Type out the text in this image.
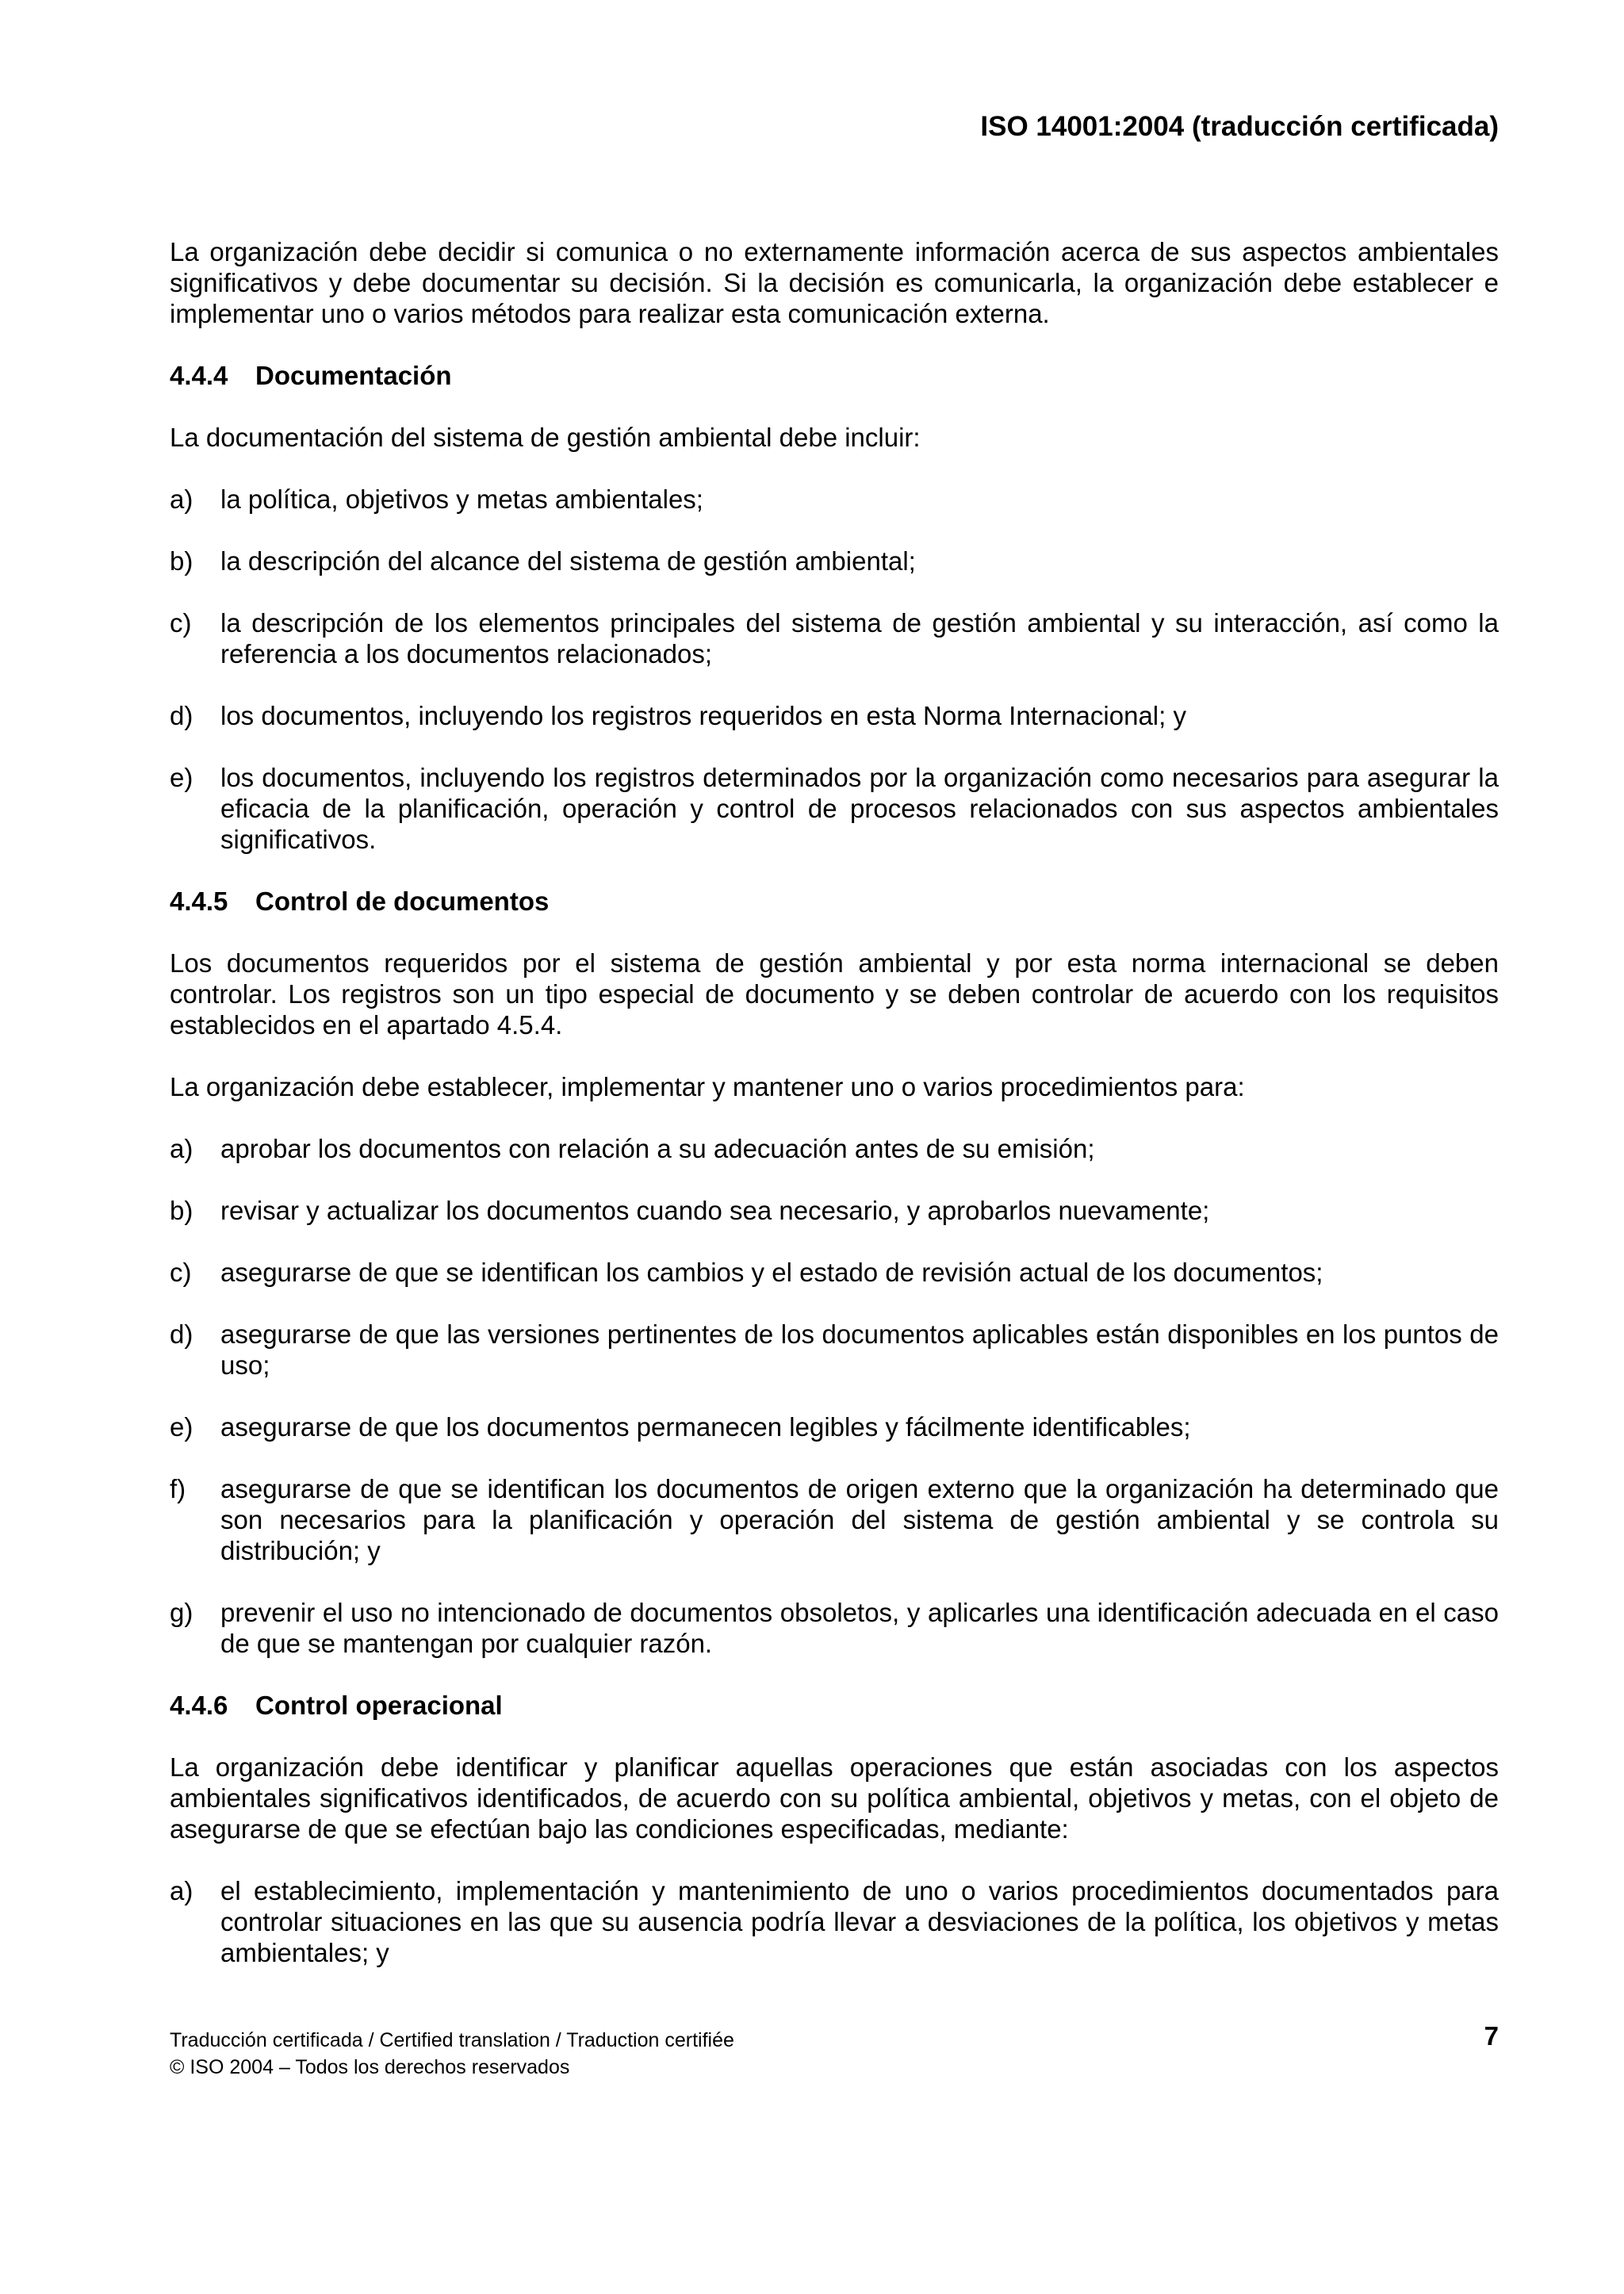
ISO 14001:2004 (traducción certificada)

La organización debe decidir si comunica o no externamente información acerca de sus aspectos ambientales significativos y debe documentar su decisión. Si la decisión es comunicarla, la organización debe establecer e implementar uno o varios métodos para realizar esta comunicación externa.

4.4.4 Documentación

La documentación del sistema de gestión ambiental debe incluir:

a)	la política, objetivos y metas ambientales;
b)	la descripción del alcance del sistema de gestión ambiental;
c)	la descripción de los elementos principales del sistema de gestión ambiental y su interacción, así como la referencia a los documentos relacionados;
d)	los documentos, incluyendo los registros requeridos en esta Norma Internacional; y
e)	los documentos, incluyendo los registros determinados por la organización como necesarios para asegurar la eficacia de la planificación, operación y control de procesos relacionados con sus aspectos ambientales significativos.
4.4.5 Control de documentos

Los documentos requeridos por el sistema de gestión ambiental y por esta norma internacional se deben controlar. Los registros son un tipo especial de documento y se deben controlar de acuerdo con los requisitos establecidos en el apartado 4.5.4.

La organización debe establecer, implementar y mantener uno o varios procedimientos para:

a)	aprobar los documentos con relación a su adecuación antes de su emisión;
b)	revisar y actualizar los documentos cuando sea necesario, y aprobarlos nuevamente;
c)	asegurarse de que se identifican los cambios y el estado de revisión actual de los documentos;
d)	asegurarse de que las versiones pertinentes de los documentos aplicables están disponibles en los puntos de uso;
e)	asegurarse de que los documentos permanecen legibles y fácilmente identificables;
f)	asegurarse de que se identifican los documentos de origen externo que la organización ha determinado que son necesarios para la planificación y operación del sistema de gestión ambiental y se controla su distribución; y
g)	prevenir el uso no intencionado de documentos obsoletos, y aplicarles una identificación adecuada en el caso de que se mantengan por cualquier razón.
4.4.6 Control operacional

La organización debe identificar y planificar aquellas operaciones que están asociadas con los aspectos ambientales significativos identificados, de acuerdo con su política ambiental, objetivos y metas, con el objeto de asegurarse de que se efectúan bajo las condiciones especificadas, mediante:

a)	el establecimiento, implementación y mantenimiento de uno o varios procedimientos documentados para controlar situaciones en las que su ausencia podría llevar a desviaciones de la política, los objetivos y metas ambientales; y
Traducción certificada / Certified translation / Traduction certifiée
© ISO 2004 – Todos los derechos reservados
7
